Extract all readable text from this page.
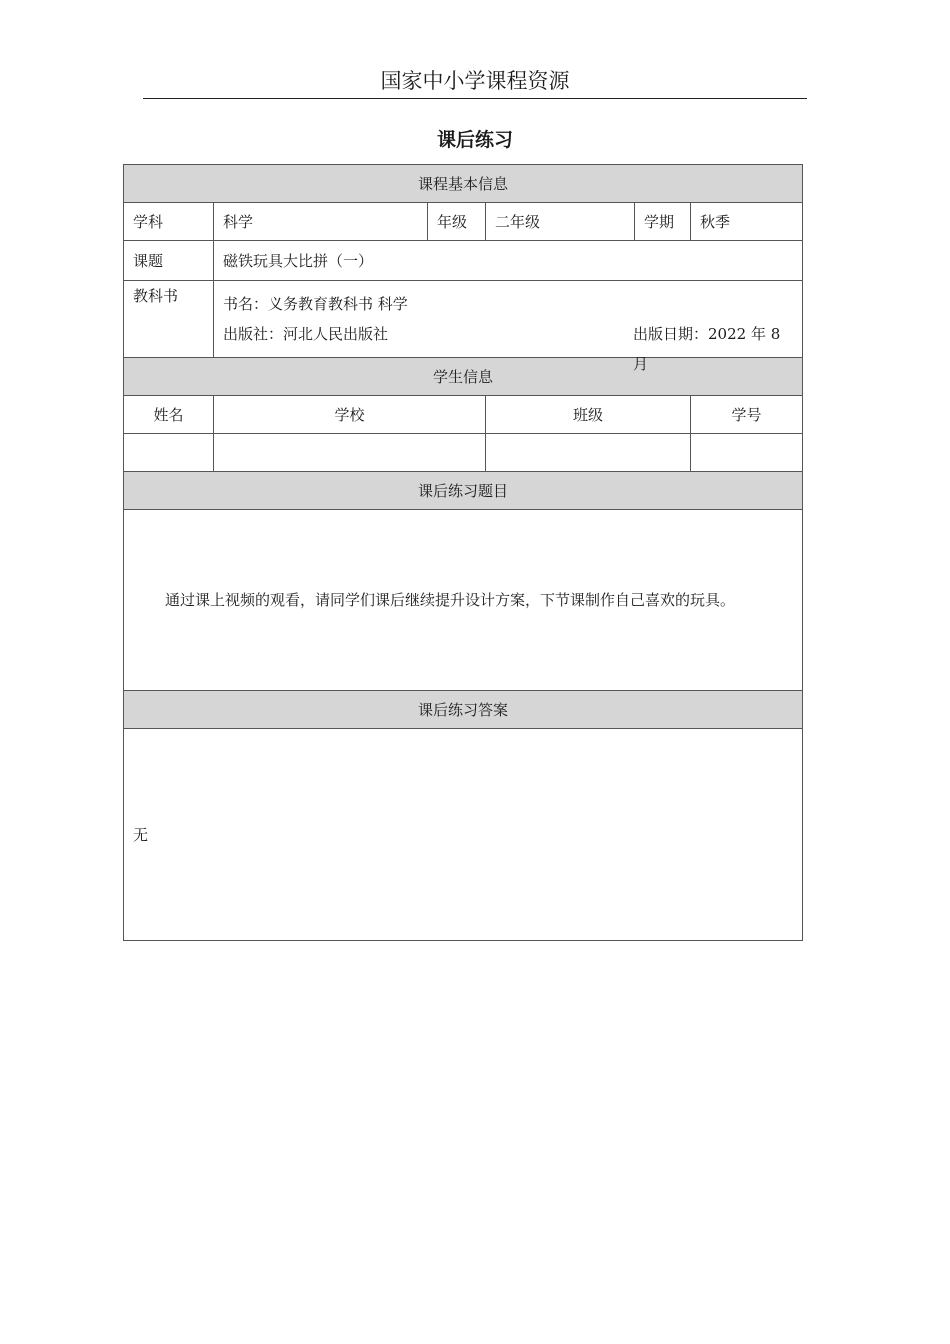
国家中小学课程资源
课后练习
课程基本信息					
学科	科学	年级	二年级	学期	秋季
课题	磁铁玩具大比拼（一）				
教科书	书名：义务教育教科书 科学
出版社：河北人民出版社 出版日期：2022 年 8 月				

学生信息					
姓名	学校		班级		学号

课后练习题目					

通过课上视频的观看，请同学们课后继续提升设计方案，下节课制作自己喜欢的玩具。					

课后练习答案					

无					
